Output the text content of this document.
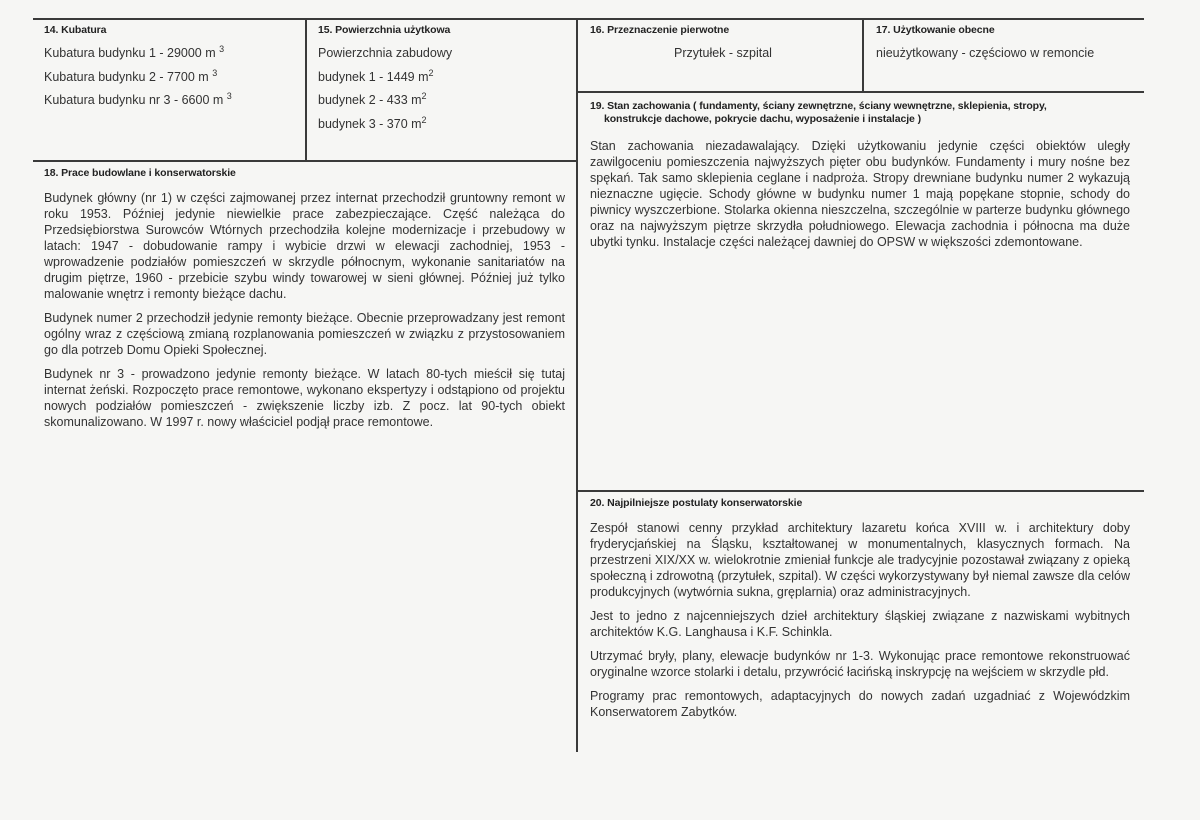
14. Kubatura
Kubatura budynku 1 - 29000 m $^3$
Kubatura budynku 2 - 7700 m $^3$
Kubatura budynku nr 3 - 6600 m $^3$
15. Powierzchnia użytkowa
Powierzchnia zabudowy
budynek 1 - 1449 $m^2$
budynek 2 - 433 $m^2$
budynek 3 - 370 $m^2$
16. Przeznaczenie pierwotne
Przytułek - szpital
17. Użytkowanie obecne
nieużytkowany - częściowo w remoncie
18. Prace budowlane i konserwatorskie

Budynek główny (nr 1) w części zajmowanej przez internat przechodził gruntowny remont w roku 1953. Później jedynie niewielkie prace zabezpieczające. Część należąca do Przedsiębiorstwa Surowców Wtórnych przechodziła kolejne modernizacje i przebudowy w latach: 1947 - dobudowanie rampy i wybicie drzwi w elewacji zachodniej, 1953 - wprowadzenie podziałów pomieszczeń w skrzydle północnym, wykonanie sanitariatów na drugim piętrze, 1960 - przebicie szybu windy towarowej w sieni głównej. Później już tylko malowanie wnętrz i remonty bieżące dachu.

Budynek numer 2 przechodził jedynie remonty bieżące. Obecnie przeprowadzany jest remont ogólny wraz z częściową zmianą rozplanowania pomieszczeń w związku z przystosowaniem go dla potrzeb Domu Opieki Społecznej.

Budynek nr 3 - prowadzono jedynie remonty bieżące. W latach 80-tych mieścił się tutaj internat żeński. Rozpoczęto prace remontowe, wykonano ekspertyzy i odstąpiono od projektu nowych podziałów pomieszczeń - zwiększenie liczby izb. Z pocz. lat 90-tych obiekt skomunalizowano. W 1997 r. nowy właściciel podjął prace remontowe.

19. Stan zachowania ( fundamenty, ściany zewnętrzne, ściany wewnętrzne, sklepienia, stropy,
konstrukcje dachowe, pokrycie dachu, wyposażenie i instalacje )

Stan zachowania niezadawalający. Dzięki użytkowaniu jedynie części obiektów uległy zawilgoceniu pomieszczenia najwyższych pięter obu budynków. Fundamenty i mury nośne bez spękań. Tak samo sklepienia ceglane i nadproża. Stropy drewniane budynku numer 2 wykazują nieznaczne ugięcie. Schody główne w budynku numer 1 mają popękane stopnie, schody do piwnicy wyszczerbione. Stolarka okienna nieszczelna, szczególnie w parterze budynku głównego oraz na najwyższym piętrze skrzydła południowego. Elewacja zachodnia i północna ma duże ubytki tynku. Instalacje części należącej dawniej do OPSW w większości zdemontowane.

20. Najpilniejsze postulaty konserwatorskie

Zespół stanowi cenny przykład architektury lazaretu końca XVIII w. i architektury doby fryderycjańskiej na Śląsku, kształtowanej w monumentalnych, klasycznych formach. Na przestrzeni XIX/XX w. wielokrotnie zmieniał funkcje ale tradycyjnie pozostawał związany z opieką społeczną i zdrowotną (przytułek, szpital). W części wykorzystywany był niemal zawsze dla celów produkcyjnych (wytwórnia sukna, gręplarnia) oraz administracyjnych.

Jest to jedno z najcenniejszych dzieł architektury śląskiej związane z nazwiskami wybitnych architektów K.G. Langhausa i K.F. Schinkla.

Utrzymać bryły, plany, elewacje budynków nr 1-3. Wykonując prace remontowe rekonstruować oryginalne wzorce stolarki i detalu, przywrócić łacińską inskrypcję na wejściem w skrzydle płd.

Programy prac remontowych, adaptacyjnych do nowych zadań uzgadniać z Wojewódzkim Konserwatorem Zabytków.
